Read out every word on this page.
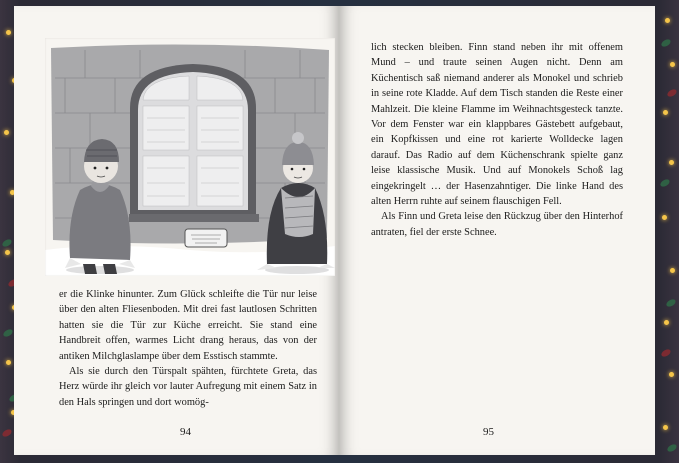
er die Klinke hinunter. Zum Glück schleifte die Tür nur leise über den alten Fliesenboden. Mit drei fast lautlosen Schritten hatten sie die Tür zur Küche erreicht. Sie stand eine Handbreit offen, warmes Licht drang heraus, das von der antiken Milchglaslampe über dem Esstisch stammte.

Als sie durch den Türspalt spähten, fürchtete Greta, das Herz würde ihr gleich vor lauter Aufregung mit einem Satz in den Hals springen und dort womög-

94

lich stecken bleiben. Finn stand neben ihr mit offenem Mund – und traute seinen Augen nicht. Denn am Küchentisch saß niemand anderer als Monokel und schrieb in seine rote Kladde. Auf dem Tisch standen die Reste einer Mahlzeit. Die kleine Flamme im Weihnachtsgesteck tanzte. Vor dem Fenster war ein klappbares Gästebett aufgebaut, ein Kopfkissen und eine rot karierte Wolldecke lagen darauf. Das Radio auf dem Küchenschrank spielte ganz leise klassische Musik. Und auf Monokels Schoß lag eingekringelt … der Hasenzahntiger. Die linke Hand des alten Herrn ruhte auf seinem flauschigen Fell.

Als Finn und Greta leise den Rückzug über den Hinterhof antraten, fiel der erste Schnee.

95
